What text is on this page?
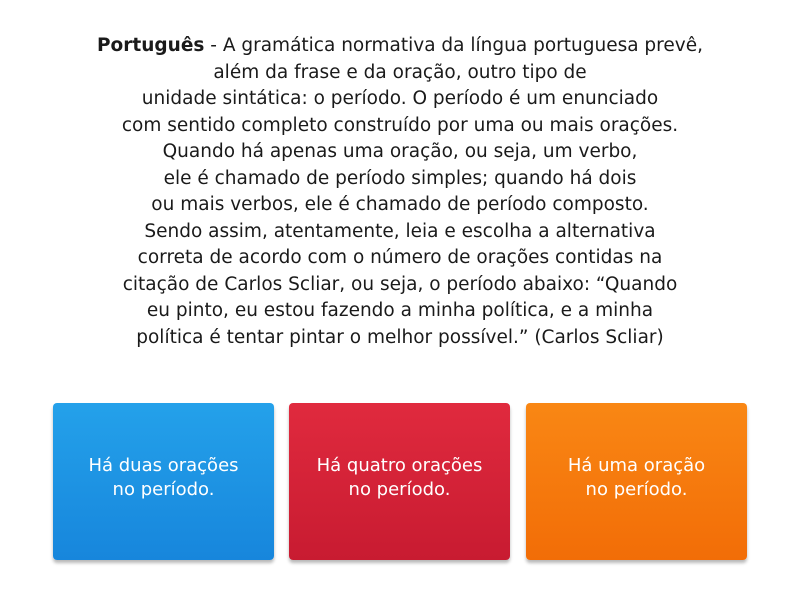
Português - A gramática normativa da língua portuguesa prevê,

além da frase e da oração, outro tipo de

unidade sintática: o período. O período é um enunciado

com sentido completo construído por uma ou mais orações.

Quando há apenas uma oração, ou seja, um verbo,

ele é chamado de período simples; quando há dois

ou mais verbos, ele é chamado de período composto.

Sendo assim, atentamente, leia e escolha a alternativa

correta de acordo com o número de orações contidas na

citação de Carlos Scliar, ou seja, o período abaixo: “Quando

eu pinto, eu estou fazendo a minha política, e a minha

política é tentar pintar o melhor possível.” (Carlos Scliar)

Há duas orações
no período.
Há quatro orações
no período.
Há uma oração
no período.
